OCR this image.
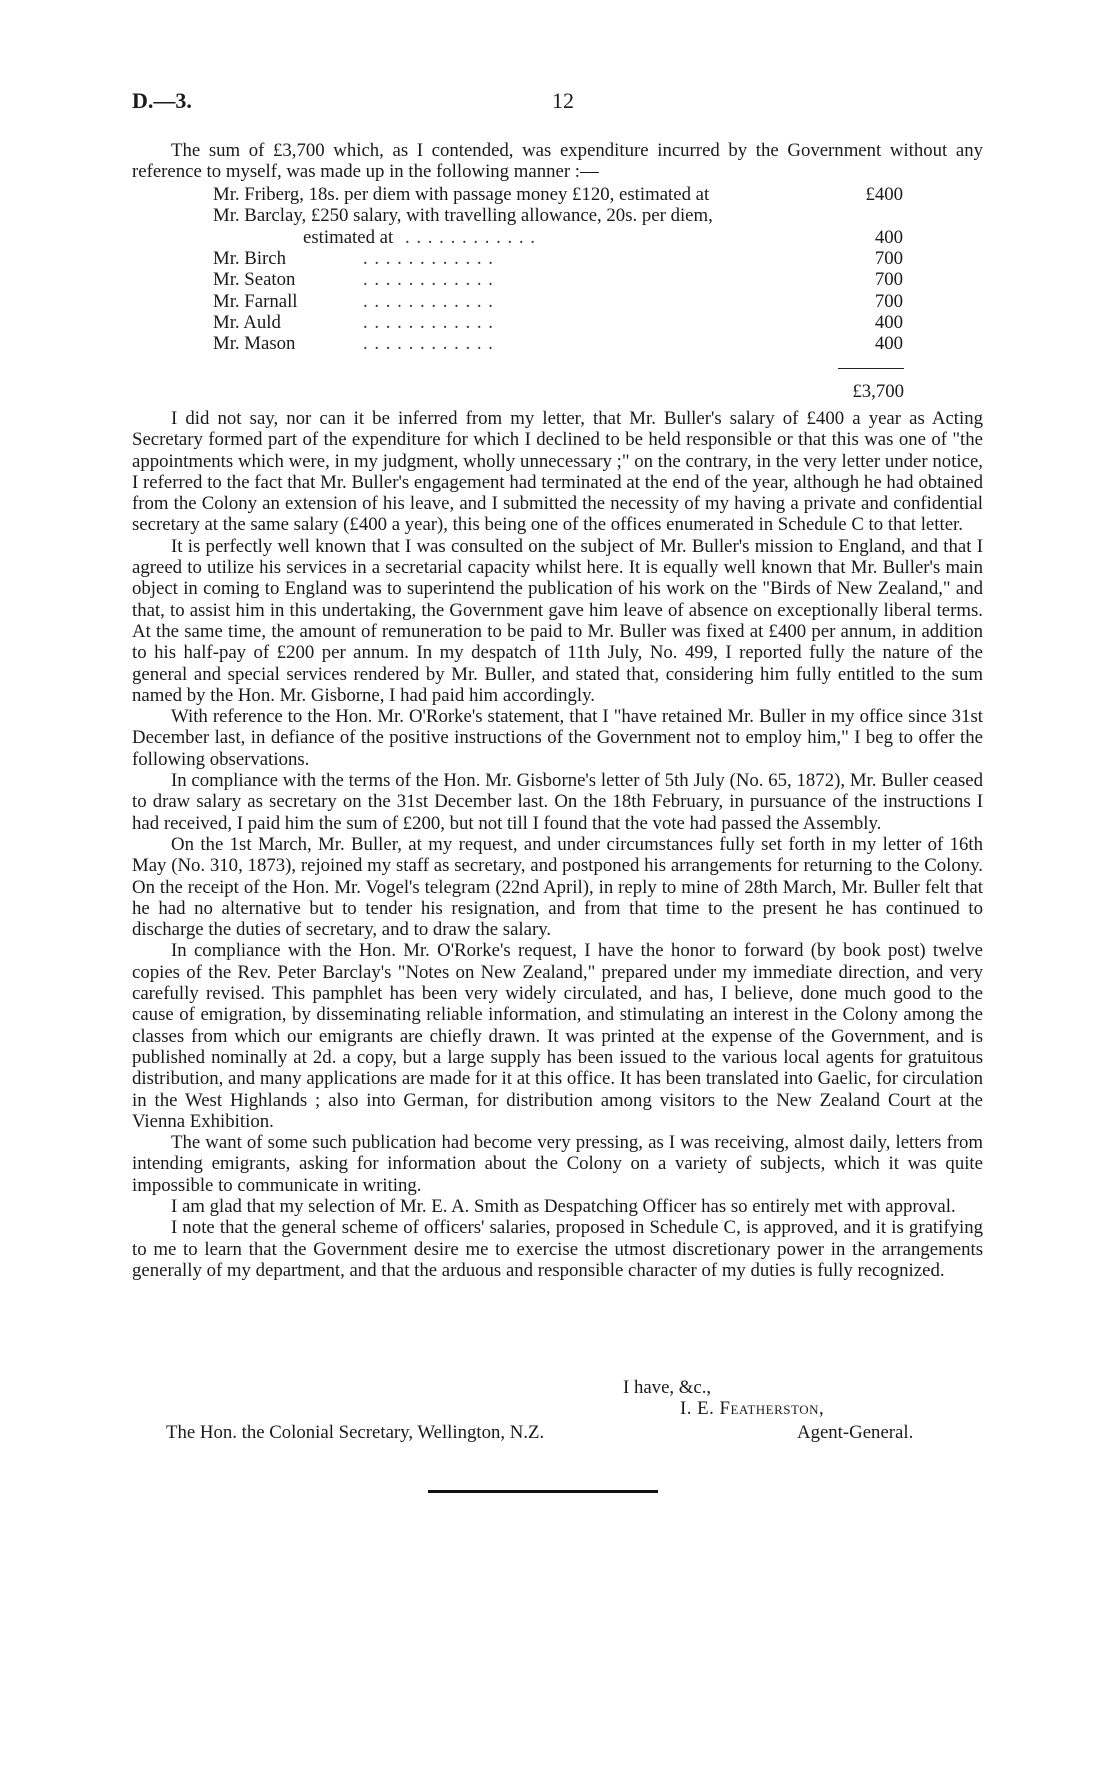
D.—3.	12

The sum of £3,700 which, as I contended, was expenditure incurred by the Government without any reference to myself, was made up in the following manner :—

Mr. Friberg, 18s. per diem with passage money £120, estimated at	£400
Mr. Barclay, £250 salary, with travelling allowance, 20s. per diem,
estimated at . . . . . . . . . . . .	400
Mr. Birch	. . . . . . . . . . . .	700
Mr. Seaton	. . . . . . . . . . . .	700
Mr. Farnall	. . . . . . . . . . . .	700
Mr. Auld	. . . . . . . . . . . .	400
Mr. Mason	. . . . . . . . . . . .	400
£3,700

I did not say, nor can it be inferred from my letter, that Mr. Buller's salary of £400 a year as Acting Secretary formed part of the expenditure for which I declined to be held responsible or that this was one of "the appointments which were, in my judgment, wholly unnecessary ;" on the contrary, in the very letter under notice, I referred to the fact that Mr. Buller's engagement had terminated at the end of the year, although he had obtained from the Colony an extension of his leave, and I submitted the necessity of my having a private and confidential secretary at the same salary (£400 a year), this being one of the offices enumerated in Schedule C to that letter.

It is perfectly well known that I was consulted on the subject of Mr. Buller's mission to England, and that I agreed to utilize his services in a secretarial capacity whilst here. It is equally well known that Mr. Buller's main object in coming to England was to superintend the publication of his work on the "Birds of New Zealand," and that, to assist him in this undertaking, the Government gave him leave of absence on exceptionally liberal terms. At the same time, the amount of remuneration to be paid to Mr. Buller was fixed at £400 per annum, in addition to his half-pay of £200 per annum. In my despatch of 11th July, No. 499, I reported fully the nature of the general and special services rendered by Mr. Buller, and stated that, considering him fully entitled to the sum named by the Hon. Mr. Gisborne, I had paid him accordingly.

With reference to the Hon. Mr. O'Rorke's statement, that I "have retained Mr. Buller in my office since 31st December last, in defiance of the positive instructions of the Government not to employ him," I beg to offer the following observations.

In compliance with the terms of the Hon. Mr. Gisborne's letter of 5th July (No. 65, 1872), Mr. Buller ceased to draw salary as secretary on the 31st December last. On the 18th February, in pursuance of the instructions I had received, I paid him the sum of £200, but not till I found that the vote had passed the Assembly.

On the 1st March, Mr. Buller, at my request, and under circumstances fully set forth in my letter of 16th May (No. 310, 1873), rejoined my staff as secretary, and postponed his arrangements for returning to the Colony. On the receipt of the Hon. Mr. Vogel's telegram (22nd April), in reply to mine of 28th March, Mr. Buller felt that he had no alternative but to tender his resignation, and from that time to the present he has continued to discharge the duties of secretary, and to draw the salary.

In compliance with the Hon. Mr. O'Rorke's request, I have the honor to forward (by book post) twelve copies of the Rev. Peter Barclay's "Notes on New Zealand," prepared under my immediate direction, and very carefully revised. This pamphlet has been very widely circulated, and has, I believe, done much good to the cause of emigration, by disseminating reliable information, and stimulating an interest in the Colony among the classes from which our emigrants are chiefly drawn. It was printed at the expense of the Government, and is published nominally at 2d. a copy, but a large supply has been issued to the various local agents for gratuitous distribution, and many applications are made for it at this office. It has been translated into Gaelic, for circulation in the West Highlands ; also into German, for distribution among visitors to the New Zealand Court at the Vienna Exhibition.

The want of some such publication had become very pressing, as I was receiving, almost daily, letters from intending emigrants, asking for information about the Colony on a variety of subjects, which it was quite impossible to communicate in writing.

I am glad that my selection of Mr. E. A. Smith as Despatching Officer has so entirely met with approval.

I note that the general scheme of officers' salaries, proposed in Schedule C, is approved, and it is gratifying to me to learn that the Government desire me to exercise the utmost discretionary power in the arrangements generally of my department, and that the arduous and responsible character of my duties is fully recognized.

I have, &c.,
I. E. Featherston,
The Hon. the Colonial Secretary, Wellington, N.Z.	Agent-General.
